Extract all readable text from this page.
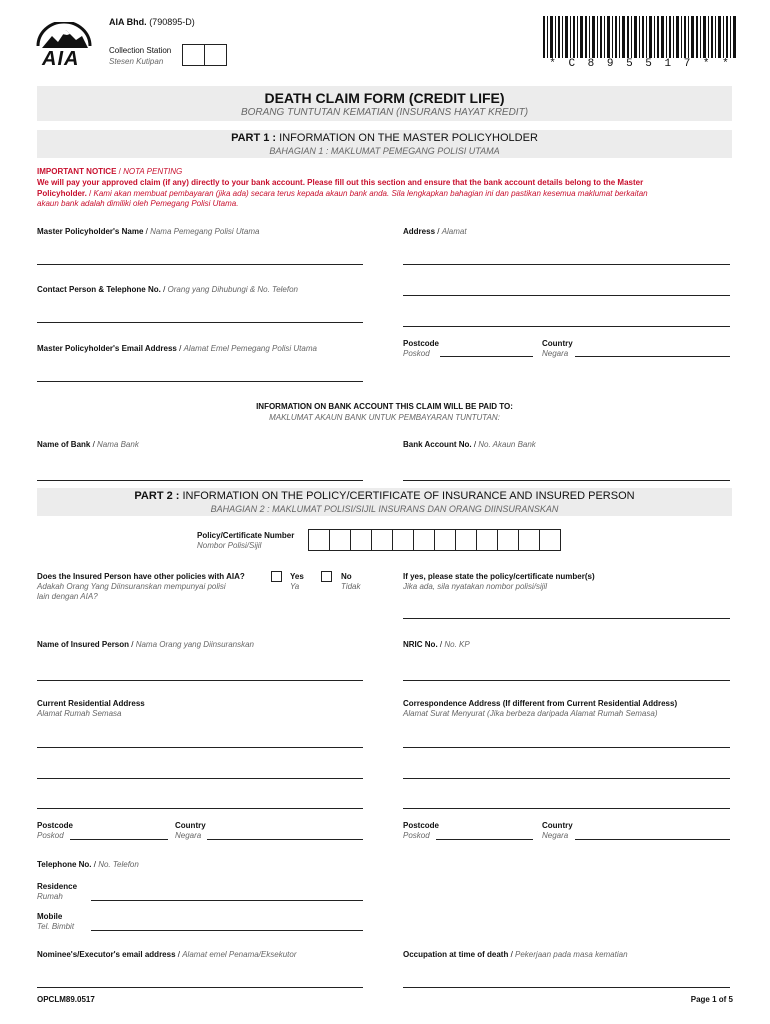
AIA
AIA Bhd. (790895-D)
Collection Station
Stesen Kutipan	* C 8 9 5 5 1 7 * *
DEATH CLAIM FORM (CREDIT LIFE)
BORANG TUNTUTAN KEMATIAN (INSURANS HAYAT KREDIT)
PART 1 : INFORMATION ON THE MASTER POLICYHOLDER
BAHAGIAN 1 : MAKLUMAT PEMEGANG POLISI UTAMA
IMPORTANT NOTICE / NOTA PENTING
We will pay your approved claim (if any) directly to your bank account. Please fill out this section and ensure that the bank account details belong to the Master
Policyholder. / Kami akan membuat pembayaran (jika ada) secara terus kepada akaun bank anda. Sila lengkapkan bahagian ini dan pastikan kesemua maklumat berkaitan
akaun bank adalah dimiliki oleh Pemegang Polisi Utama.
Master Policyholder's Name / Nama Pemegang Polisi Utama	Address / Alamat
Contact Person & Telephone No. / Orang yang Dihubungi & No. Telefon
Master Policyholder's Email Address / Alamat Emel Pemegang Polisi Utama
Postcode
Poskod
Country
Negara
INFORMATION ON BANK ACCOUNT THIS CLAIM WILL BE PAID TO:
MAKLUMAT AKAUN BANK UNTUK PEMBAYARAN TUNTUTAN:
Name of Bank / Nama Bank	Bank Account No. / No. Akaun Bank
PART 2 : INFORMATION ON THE POLICY/CERTIFICATE OF INSURANCE AND INSURED PERSON
BAHAGIAN 2 : MAKLUMAT POLISI/SIJIL INSURANS DAN ORANG DIINSURANSKAN
Policy/Certificate Number
Nombor Polisi/Sijil
Does the Insured Person have other policies with AIA?
Adakah Orang Yang Diinsuranskan mempunyai polisi
lain dengan AIA?
Yes
Ya
No
Tidak
If yes, please state the policy/certificate number(s)
Jika ada, sila nyatakan nombor polisi/sijil
Name of Insured Person / Nama Orang yang Diinsuranskan	NRIC No. / No. KP
Current Residential Address
Alamat Rumah Semasa
Correspondence Address (If different from Current Residential Address)
Alamat Surat Menyurat (Jika berbeza daripada Alamat Rumah Semasa)
Postcode
Poskod
Country
Negara
Postcode
Poskod
Country
Negara
Telephone No. / No. Telefon
Residence
Rumah
Mobile
Tel. Bimbit
Nominee's/Executor's email address / Alamat emel Penama/Eksekutor	Occupation at time of death / Pekerjaan pada masa kematian
OPCLM89.0517	Page 1 of 5
